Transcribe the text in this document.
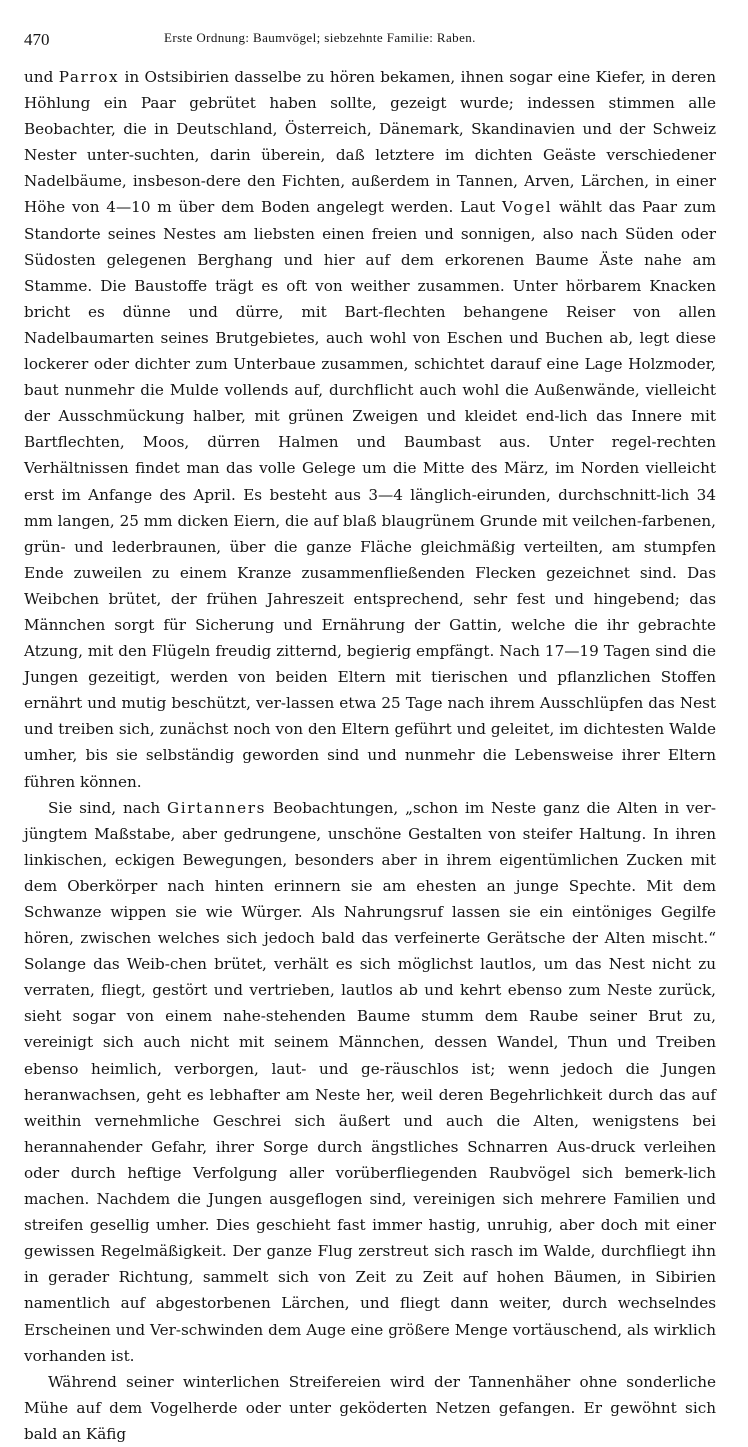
470	Erste Ordnung: Baumvögel; siebzehnte Familie: Raben.

und Parrox in Ostsibirien dasselbe zu hören bekamen, ihnen sogar eine Kiefer, in deren Höhlung ein Paar gebrütet haben sollte, gezeigt wurde; indessen stimmen alle Beobachter, die in Deutschland, Österreich, Dänemark, Skandinavien und der Schweiz Nester unter-suchten, darin überein, daß letztere im dichten Geäste verschiedener Nadelbäume, insbeson-dere den Fichten, außerdem in Tannen, Arven, Lärchen, in einer Höhe von 4—10 m über dem Boden angelegt werden. Laut Vogel wählt das Paar zum Standorte seines Nestes am liebsten einen freien und sonnigen, also nach Süden oder Südosten gelegenen Berghang und hier auf dem erkorenen Baume Äste nahe am Stamme. Die Baustoffe trägt es oft von weither zusammen. Unter hörbarem Knacken bricht es dünne und dürre, mit Bart-flechten behangene Reiser von allen Nadelbaumarten seines Brutgebietes, auch wohl von Eschen und Buchen ab, legt diese lockerer oder dichter zum Unterbaue zusammen, schichtet darauf eine Lage Holzmoder, baut nunmehr die Mulde vollends auf, durchflicht auch wohl die Außenwände, vielleicht der Ausschmückung halber, mit grünen Zweigen und kleidet end-lich das Innere mit Bartflechten, Moos, dürren Halmen und Baumbast aus. Unter regel-rechten Verhältnissen findet man das volle Gelege um die Mitte des März, im Norden vielleicht erst im Anfange des April. Es besteht aus 3—4 länglich-eirunden, durchschnitt-lich 34 mm langen, 25 mm dicken Eiern, die auf blaß blaugrünem Grunde mit veilchen-farbenen, grün- und lederbraunen, über die ganze Fläche gleichmäßig verteilten, am stumpfen Ende zuweilen zu einem Kranze zusammenfließenden Flecken gezeichnet sind. Das Weibchen brütet, der frühen Jahreszeit entsprechend, sehr fest und hingebend; das Männchen sorgt für Sicherung und Ernährung der Gattin, welche die ihr gebrachte Atzung, mit den Flügeln freudig zitternd, begierig empfängt. Nach 17—19 Tagen sind die Jungen gezeitigt, werden von beiden Eltern mit tierischen und pflanzlichen Stoffen ernährt und mutig beschützt, ver-lassen etwa 25 Tage nach ihrem Ausschlüpfen das Nest und treiben sich, zunächst noch von den Eltern geführt und geleitet, im dichtesten Walde umher, bis sie selbständig geworden sind und nunmehr die Lebensweise ihrer Eltern führen können.

Sie sind, nach Girtanners Beobachtungen, „schon im Neste ganz die Alten in ver-jüngtem Maßstabe, aber gedrungene, unschöne Gestalten von steifer Haltung. In ihren linkischen, eckigen Bewegungen, besonders aber in ihrem eigentümlichen Zucken mit dem Oberkörper nach hinten erinnern sie am ehesten an junge Spechte. Mit dem Schwanze wippen sie wie Würger. Als Nahrungsruf lassen sie ein eintöniges Gegilfe hören, zwischen welches sich jedoch bald das verfeinerte Gerätsche der Alten mischt.“ Solange das Weib-chen brütet, verhält es sich möglichst lautlos, um das Nest nicht zu verraten, fliegt, gestört und vertrieben, lautlos ab und kehrt ebenso zum Neste zurück, sieht sogar von einem nahe-stehenden Baume stumm dem Raube seiner Brut zu, vereinigt sich auch nicht mit seinem Männchen, dessen Wandel, Thun und Treiben ebenso heimlich, verborgen, laut- und ge-räuschlos ist; wenn jedoch die Jungen heranwachsen, geht es lebhafter am Neste her, weil deren Begehrlichkeit durch das auf weithin vernehmliche Geschrei sich äußert und auch die Alten, wenigstens bei herannahender Gefahr, ihrer Sorge durch ängstliches Schnarren Aus-druck verleihen oder durch heftige Verfolgung aller vorüberfliegenden Raubvögel sich bemerk-lich machen. Nachdem die Jungen ausgeflogen sind, vereinigen sich mehrere Familien und streifen gesellig umher. Dies geschieht fast immer hastig, unruhig, aber doch mit einer gewissen Regelmäßigkeit. Der ganze Flug zerstreut sich rasch im Walde, durchfliegt ihn in gerader Richtung, sammelt sich von Zeit zu Zeit auf hohen Bäumen, in Sibirien namentlich auf abgestorbenen Lärchen, und fliegt dann weiter, durch wechselndes Erscheinen und Ver-schwinden dem Auge eine größere Menge vortäuschend, als wirklich vorhanden ist.

Während seiner winterlichen Streifereien wird der Tannenhäher ohne sonderliche Mühe auf dem Vogelherde oder unter geköderten Netzen gefangen. Er gewöhnt sich bald an Käfig
